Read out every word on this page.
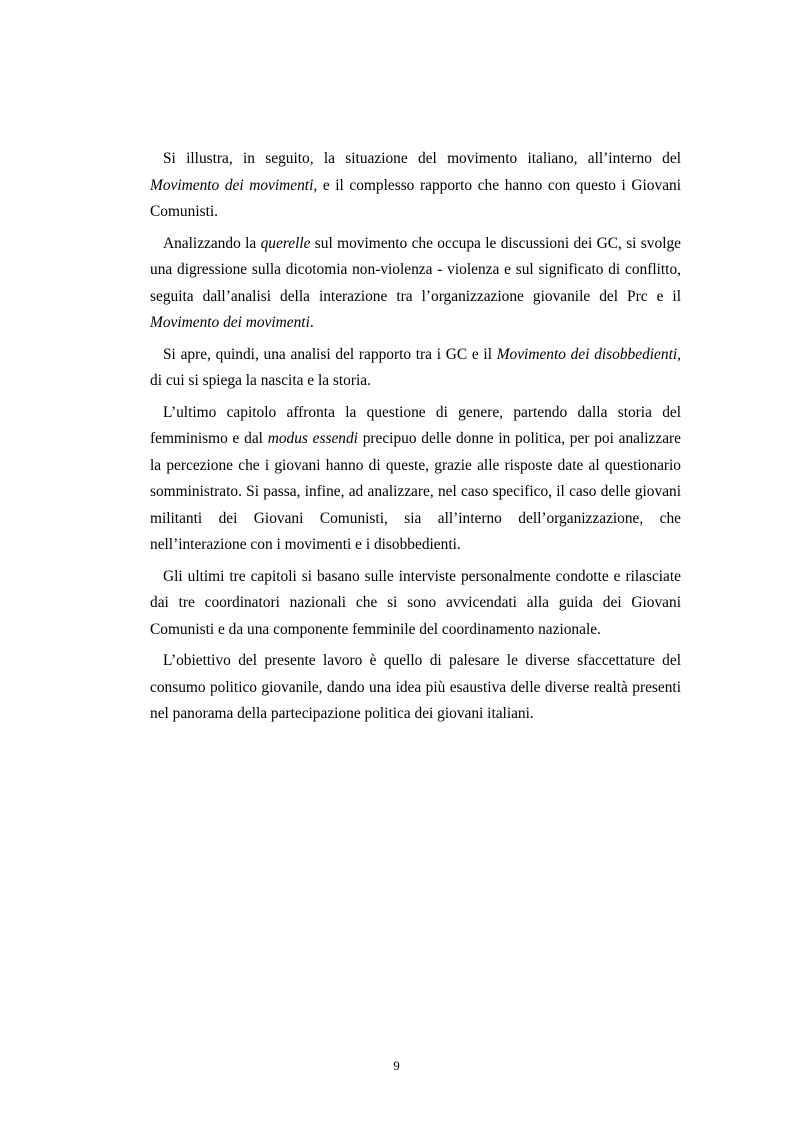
Si illustra, in seguito, la situazione del movimento italiano, all’interno del Movimento dei movimenti, e il complesso rapporto che hanno con questo i Giovani Comunisti.

Analizzando la querelle sul movimento che occupa le discussioni dei GC, si svolge una digressione sulla dicotomia non-violenza - violenza e sul significato di conflitto, seguita dall’analisi della interazione tra l’organizzazione giovanile del Prc e il Movimento dei movimenti.

Si apre, quindi, una analisi del rapporto tra i GC e il Movimento dei disobbedienti, di cui si spiega la nascita e la storia.

L’ultimo capitolo affronta la questione di genere, partendo dalla storia del femminismo e dal modus essendi precipuo delle donne in politica, per poi analizzare la percezione che i giovani hanno di queste, grazie alle risposte date al questionario somministrato. Si passa, infine, ad analizzare, nel caso specifico, il caso delle giovani militanti dei Giovani Comunisti, sia all’interno dell’organizzazione, che nell’interazione con i movimenti e i disobbedienti.

Gli ultimi tre capitoli si basano sulle interviste personalmente condotte e rilasciate dai tre coordinatori nazionali che si sono avvicendati alla guida dei Giovani Comunisti e da una componente femminile del coordinamento nazionale.

L’obiettivo del presente lavoro è quello di palesare le diverse sfaccettature del consumo politico giovanile, dando una idea più esaustiva delle diverse realtà presenti nel panorama della partecipazione politica dei giovani italiani.

9
